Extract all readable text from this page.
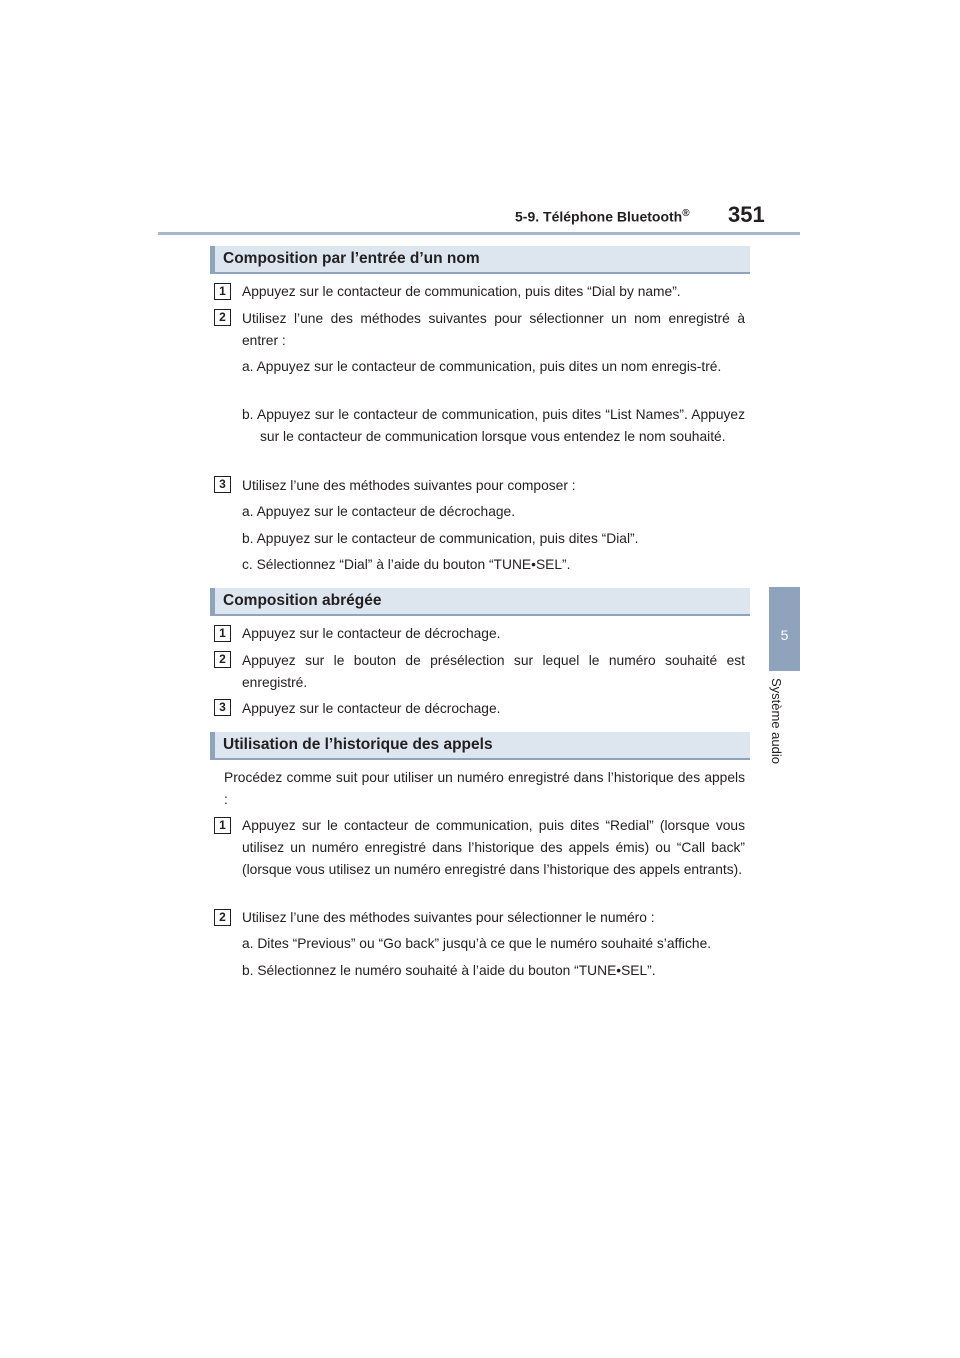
5-9. Téléphone Bluetooth® 351
5
Système audio
Composition par l’entrée d’un nom
1	Appuyez sur le contacteur de communication, puis dites “Dial by name”.
2	Utilisez l’une des méthodes suivantes pour sélectionner un nom enregistré à entrer :
a. Appuyez sur le contacteur de communication, puis dites un nom enregis-tré.
b. Appuyez sur le contacteur de communication, puis dites “List Names”. Appuyez sur le contacteur de communication lorsque vous entendez le nom souhaité.
3	Utilisez l’une des méthodes suivantes pour composer :
a. Appuyez sur le contacteur de décrochage.
b. Appuyez sur le contacteur de communication, puis dites “Dial”.
c. Sélectionnez “Dial” à l’aide du bouton “TUNE•SEL”.
Composition abrégée
1	Appuyez sur le contacteur de décrochage.
2	Appuyez sur le bouton de présélection sur lequel le numéro souhaité est enregistré.
3	Appuyez sur le contacteur de décrochage.
Utilisation de l’historique des appels
Procédez comme suit pour utiliser un numéro enregistré dans l’historique des appels :
1	Appuyez sur le contacteur de communication, puis dites “Redial” (lorsque vous utilisez un numéro enregistré dans l’historique des appels émis) ou “Call back” (lorsque vous utilisez un numéro enregistré dans l’historique des appels entrants).
2	Utilisez l’une des méthodes suivantes pour sélectionner le numéro :
a. Dites “Previous” ou “Go back” jusqu’à ce que le numéro souhaité s’affiche.
b. Sélectionnez le numéro souhaité à l’aide du bouton “TUNE•SEL”.
